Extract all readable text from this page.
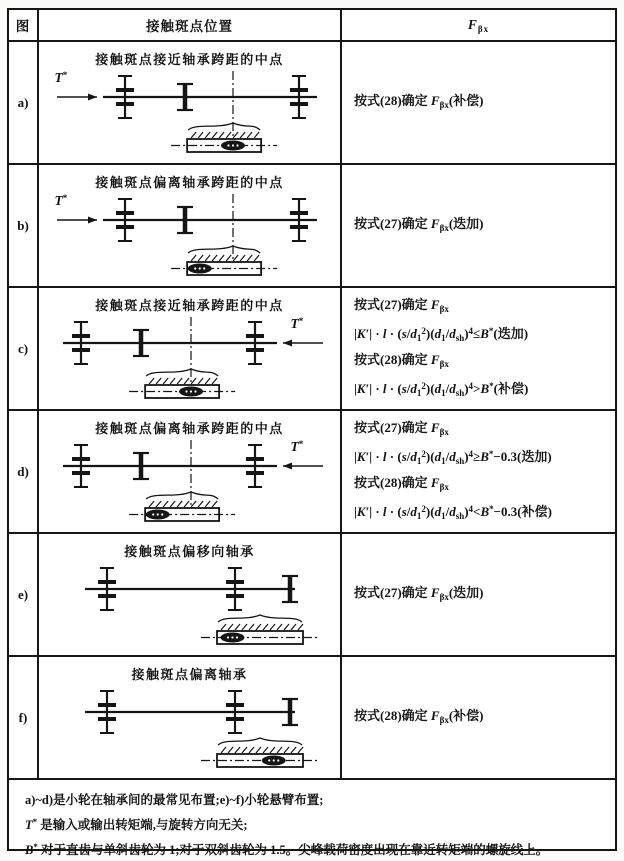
图	接触斑点位置	$F_{\beta x}$
a)
接触斑点接近轴承跨距的中点
T*
按式(28)确定 $F_{\beta x}$(补偿)
b)
接触斑点偏离轴承跨距的中点
T*
按式(27)确定 $F_{\beta x}$(迭加)
c)
接触斑点接近轴承跨距的中点
T*
按式(27)确定 $F_{\beta x}$
$|K'| \cdot l \cdot (s/d_1^2)(d_1/d_{sh})^4\le B^*$(迭加)
按式(28)确定 $F_{\beta x}$
$|K'| \cdot l \cdot (s/d_1^2)(d_1/d_{sh})^4>B^*$(补偿)
d)
接触斑点偏离轴承跨距的中点
T*
按式(27)确定 $F_{\beta x}$
$|K'| \cdot l \cdot (s/d_1^2)(d_1/d_{sh})^4\ge B^*-0.3$(迭加)
按式(28)确定 $F_{\beta x}$
$|K'| \cdot l \cdot (s/d_1^2)(d_1/d_{sh})^4<B^*-0.3$(补偿)
e)
接触斑点偏移向轴承
按式(27)确定 $F_{\beta x}$(迭加)
f)
接触斑点偏离轴承
按式(28)确定 $F_{\beta x}$(补偿)
a)~d)是小轮在轴承间的最常见布置;e)~f)小轮悬臂布置;
T* 是输入或输出转矩端,与旋转方向无关;
B* 对于直齿与单斜齿轮为 1;对于双斜齿轮为 1.5。尖峰载荷密度出现在靠近转矩端的螺旋线上。
